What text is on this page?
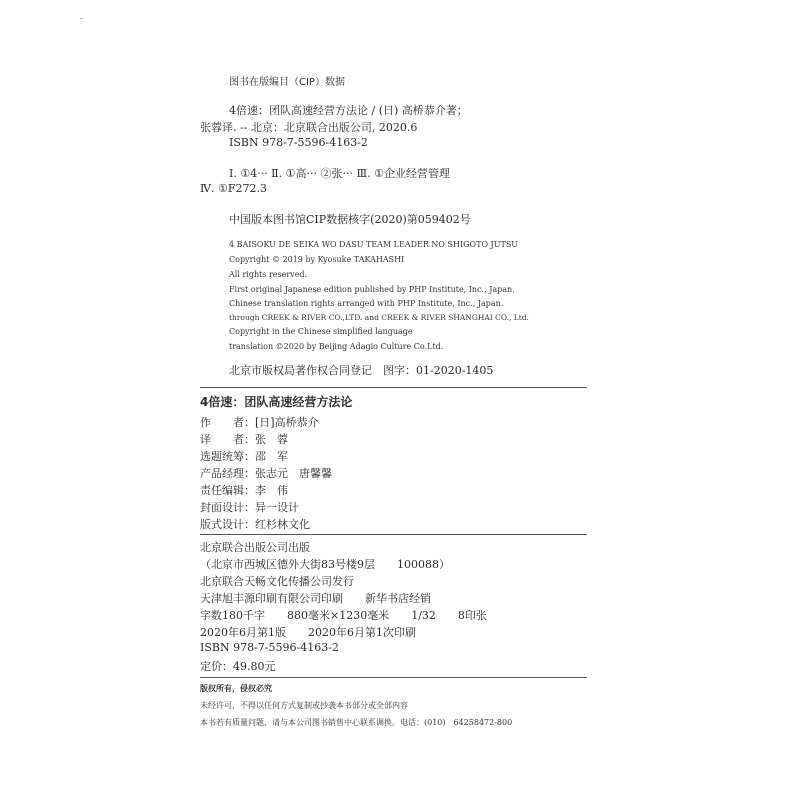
图书在版编目（CIP）数据
4倍速：团队高速经营方法论 / (日) 高桥恭介著；
张蓉译. -- 北京：北京联合出版公司, 2020.6
ISBN 978-7-5596-4163-2
Ⅰ. ①4··· Ⅱ. ①高··· ②张··· Ⅲ. ①企业经营管理
Ⅳ. ①F272.3
中国版本图书馆CIP数据核字(2020)第059402号
4 BAISOKU DE SEIKA WO DASU TEAM LEADER NO SHIGOTO JUTSU
Copyright © 2019 by Kyosuke TAKAHASHI
All rights reserved.
First original Japanese edition published by PHP Institute, Inc., Japan.
Chinese translation rights arranged with PHP Institute, Inc., Japan.
through CREEK & RIVER CO.,LTD. and CREEK & RIVER SHANGHAI CO., Ltd.
Copyright in the Chinese simplified language
translation ©2020 by Beijing Adagio Culture Co.Ltd.
北京市版权局著作权合同登记　图字：01-2020-1405
4倍速：团队高速经营方法论
作　　者：[日]高桥恭介
译　　者：张　蓉
选题统筹：邵　军
产品经理：张志元　唐馨馨
责任编辑：李　伟
封面设计：异一设计
版式设计：红杉林文化
北京联合出版公司出版
（北京市西城区德外大街83号楼9层　　100088）
北京联合天畅文化传播公司发行
天津旭丰源印刷有限公司印刷　　新华书店经销
字数180千字　　880毫米×1230毫米　　1/32　　8印张
2020年6月第1版　　2020年6月第1次印刷
ISBN 978-7-5596-4163-2
定价：49.80元
版权所有，侵权必究
未经许可，不得以任何方式复制或抄袭本书部分或全部内容
本书若有质量问题，请与本公司图书销售中心联系调换。电话：(010)　64258472-800
